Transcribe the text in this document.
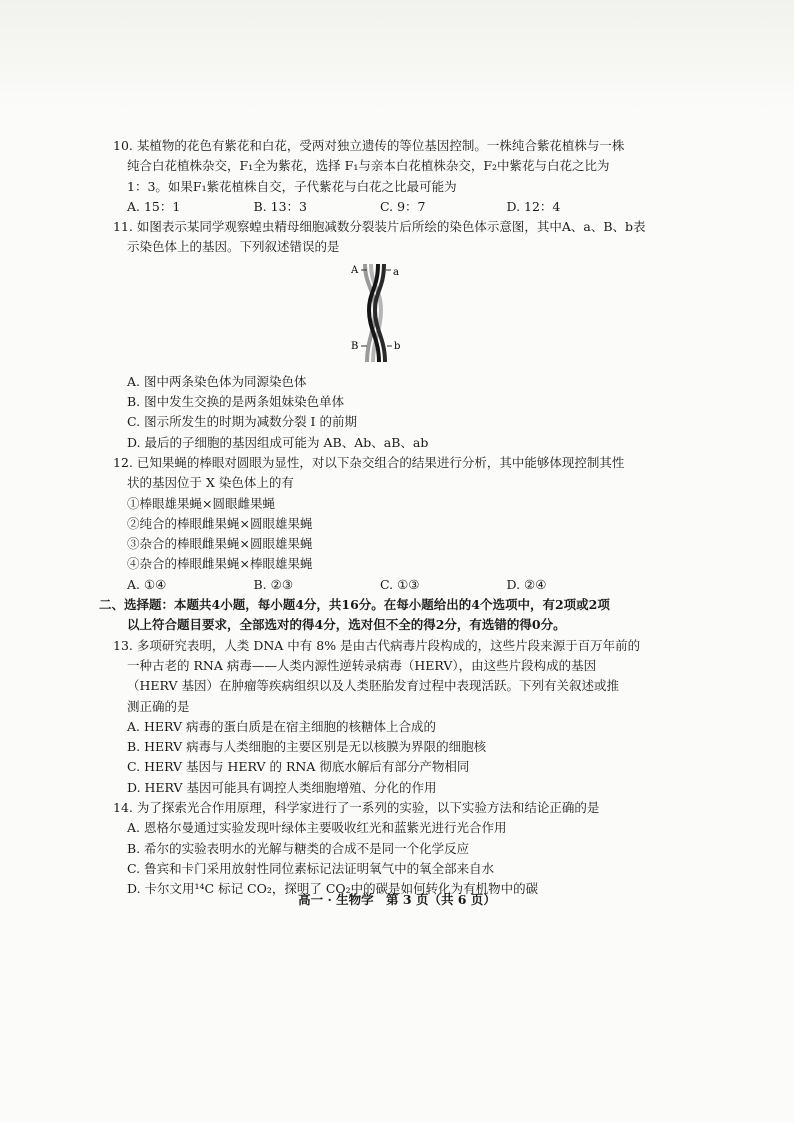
10. 某植物的花色有紫花和白花，受两对独立遗传的等位基因控制。一株纯合紫花植株与一株
纯合白花植株杂交，F₁全为紫花，选择 F₁与亲本白花植株杂交，F₂中紫花与白花之比为
1：3。如果F₁紫花植株自交，子代紫花与白花之比最可能为
A. 15：1	B. 13：3	C. 9：7	D. 12：4
11. 如图表示某同学观察蝗虫精母细胞减数分裂装片后所绘的染色体示意图，其中A、a、B、b表
示染色体上的基因。下列叙述错误的是
A	a
B	b
A. 图中两条染色体为同源染色体
B. 图中发生交换的是两条姐妹染色单体
C. 图示所发生的时期为减数分裂 Ⅰ 的前期
D. 最后的子细胞的基因组成可能为 AB、Ab、aB、ab
12. 已知果蝇的棒眼对圆眼为显性，对以下杂交组合的结果进行分析，其中能够体现控制其性
状的基因位于 X 染色体上的有
①棒眼雄果蝇×圆眼雌果蝇
②纯合的棒眼雌果蝇×圆眼雄果蝇
③杂合的棒眼雌果蝇×圆眼雄果蝇
④杂合的棒眼雌果蝇×棒眼雄果蝇
A. ①④	B. ②③	C. ①③	D. ②④
二、选择题：本题共4小题，每小题4分，共16分。在每小题给出的4个选项中，有2项或2项
以上符合题目要求，全部选对的得4分，选对但不全的得2分，有选错的得0分。
13. 多项研究表明，人类 DNA 中有 8% 是由古代病毒片段构成的，这些片段来源于百万年前的
一种古老的 RNA 病毒——人类内源性逆转录病毒（HERV），由这些片段构成的基因
（HERV 基因）在肿瘤等疾病组织以及人类胚胎发育过程中表现活跃。下列有关叙述或推
测正确的是
A. HERV 病毒的蛋白质是在宿主细胞的核糖体上合成的
B. HERV 病毒与人类细胞的主要区别是无以核膜为界限的细胞核
C. HERV 基因与 HERV 的 RNA 彻底水解后有部分产物相同
D. HERV 基因可能具有调控人类细胞增殖、分化的作用
14. 为了探索光合作用原理，科学家进行了一系列的实验，以下实验方法和结论正确的是
A. 恩格尔曼通过实验发现叶绿体主要吸收红光和蓝紫光进行光合作用
B. 希尔的实验表明水的光解与糖类的合成不是同一个化学反应
C. 鲁宾和卡门采用放射性同位素标记法证明氧气中的氧全部来自水
D. 卡尔文用¹⁴C 标记 CO₂，探明了 CO₂中的碳是如何转化为有机物中的碳
高一 · 生物学 第 3 页（共 6 页）
